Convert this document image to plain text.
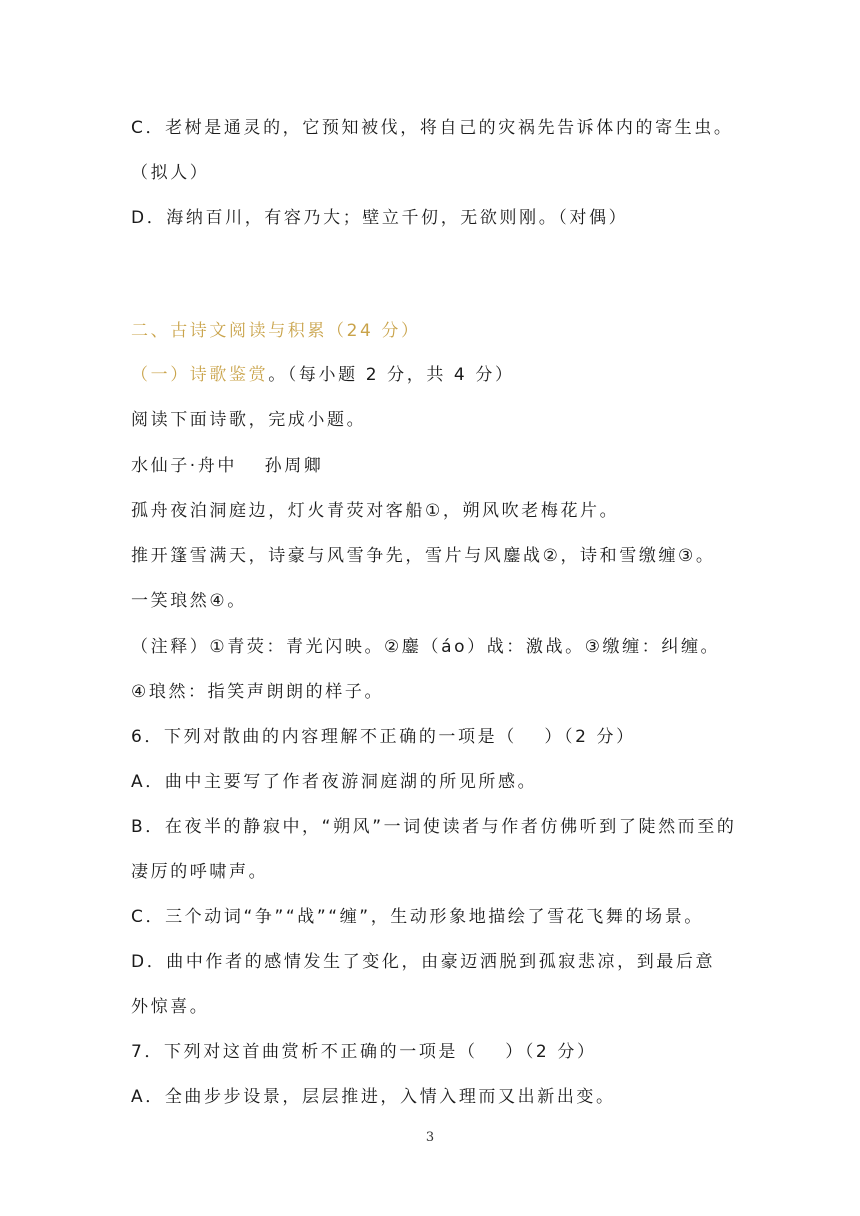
C．老树是通灵的，它预知被伐，将自己的灾祸先告诉体内的寄生虫。
（拟人）
D．海纳百川，有容乃大；壁立千仞，无欲则刚。（对偶）
二、古诗文阅读与积累（24 分）
（一）诗歌鉴赏。（每小题 2 分，共 4 分）
阅读下面诗歌，完成小题。
水仙子·舟中　 孙周卿
孤舟夜泊洞庭边，灯火青荧对客船①，朔风吹老梅花片。
推开篷雪满天，诗豪与风雪争先，雪片与风鏖战②，诗和雪缴缠③。
一笑琅然④。
（注释）①青荧：青光闪映。②鏖（áo）战：激战。③缴缠：纠缠。
④琅然：指笑声朗朗的样子。
6．下列对散曲的内容理解不正确的一项是（　 ）（2 分）
A．曲中主要写了作者夜游洞庭湖的所见所感。
B．在夜半的静寂中，“朔风”一词使读者与作者仿佛听到了陡然而至的
凄厉的呼啸声。
C．三个动词“争”“战”“缠”，生动形象地描绘了雪花飞舞的场景。
D．曲中作者的感情发生了变化，由豪迈洒脱到孤寂悲凉，到最后意
外惊喜。
7．下列对这首曲赏析不正确的一项是（　 ）（2 分）
A．全曲步步设景，层层推进，入情入理而又出新出变。
3
